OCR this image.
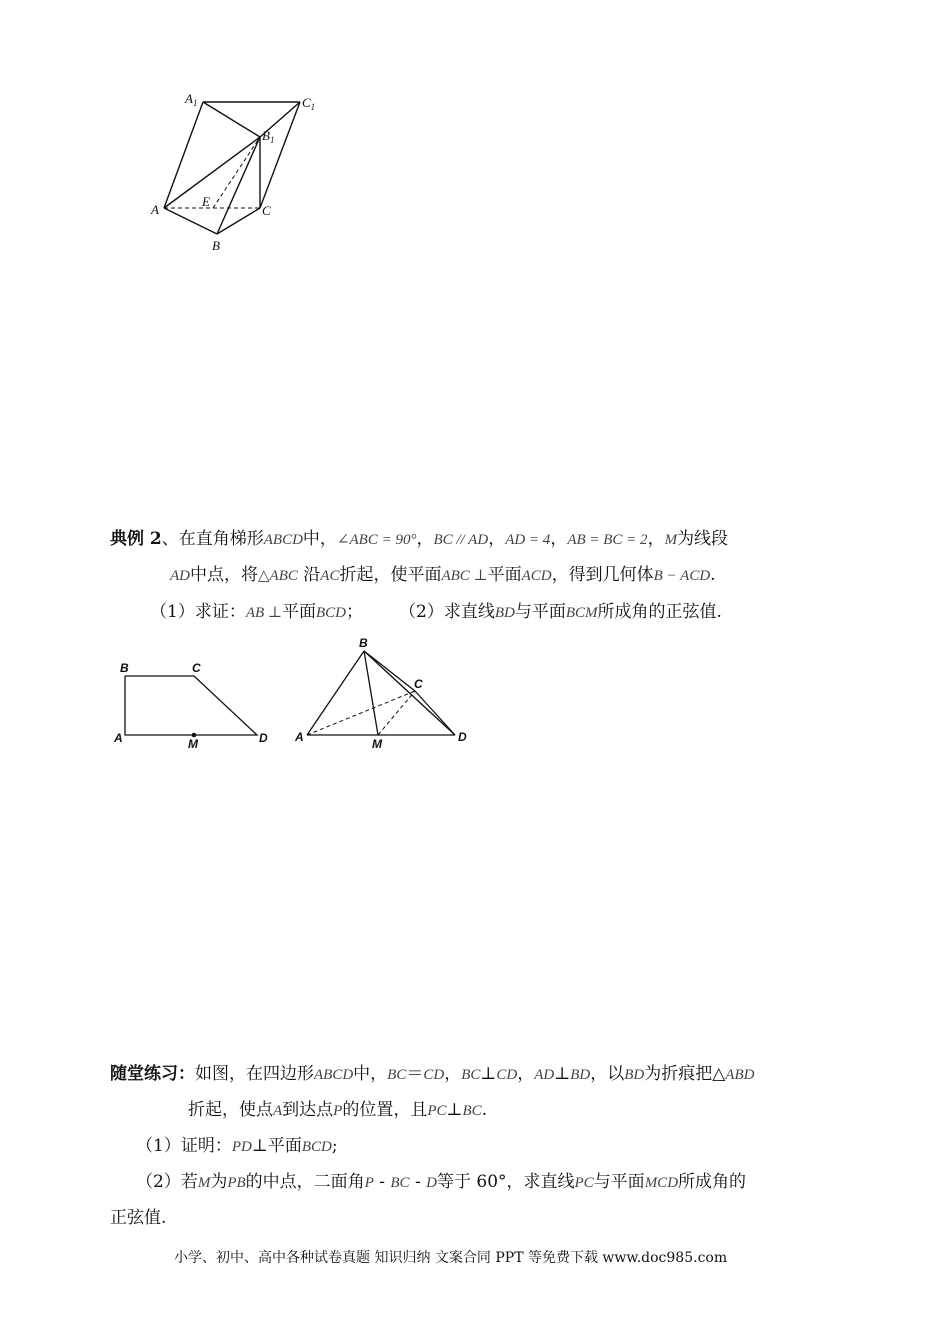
$A_1$	$C_1$
$B_1$
A
E
C
B
典例 2、在直角梯形ABCD中，∠ABC = 90°，BC // AD，AD = 4，AB = BC = 2，M为线段
AD中点，将△ABC 沿AC折起，使平面ABC ⊥平面ACD，得到几何体B − ACD.
（1）求证：AB ⊥平面BCD； （2）求直线BD与平面BCM所成角的正弦值.
B	C
A	M	D
B
C
A	M	D
随堂练习：如图，在四边形ABCD中，BC＝CD，BC⊥CD，AD⊥BD，以BD为折痕把△ABD
折起，使点A到达点P的位置，且PC⊥BC.
（1）证明：PD⊥平面BCD;
（2）若M为PB的中点，二面角P - BC - D等于 60°，求直线PC与平面MCD所成角的
正弦值.
小学、初中、高中各种试卷真题 知识归纳 文案合同 PPT 等免费下载 www.doc985.com
